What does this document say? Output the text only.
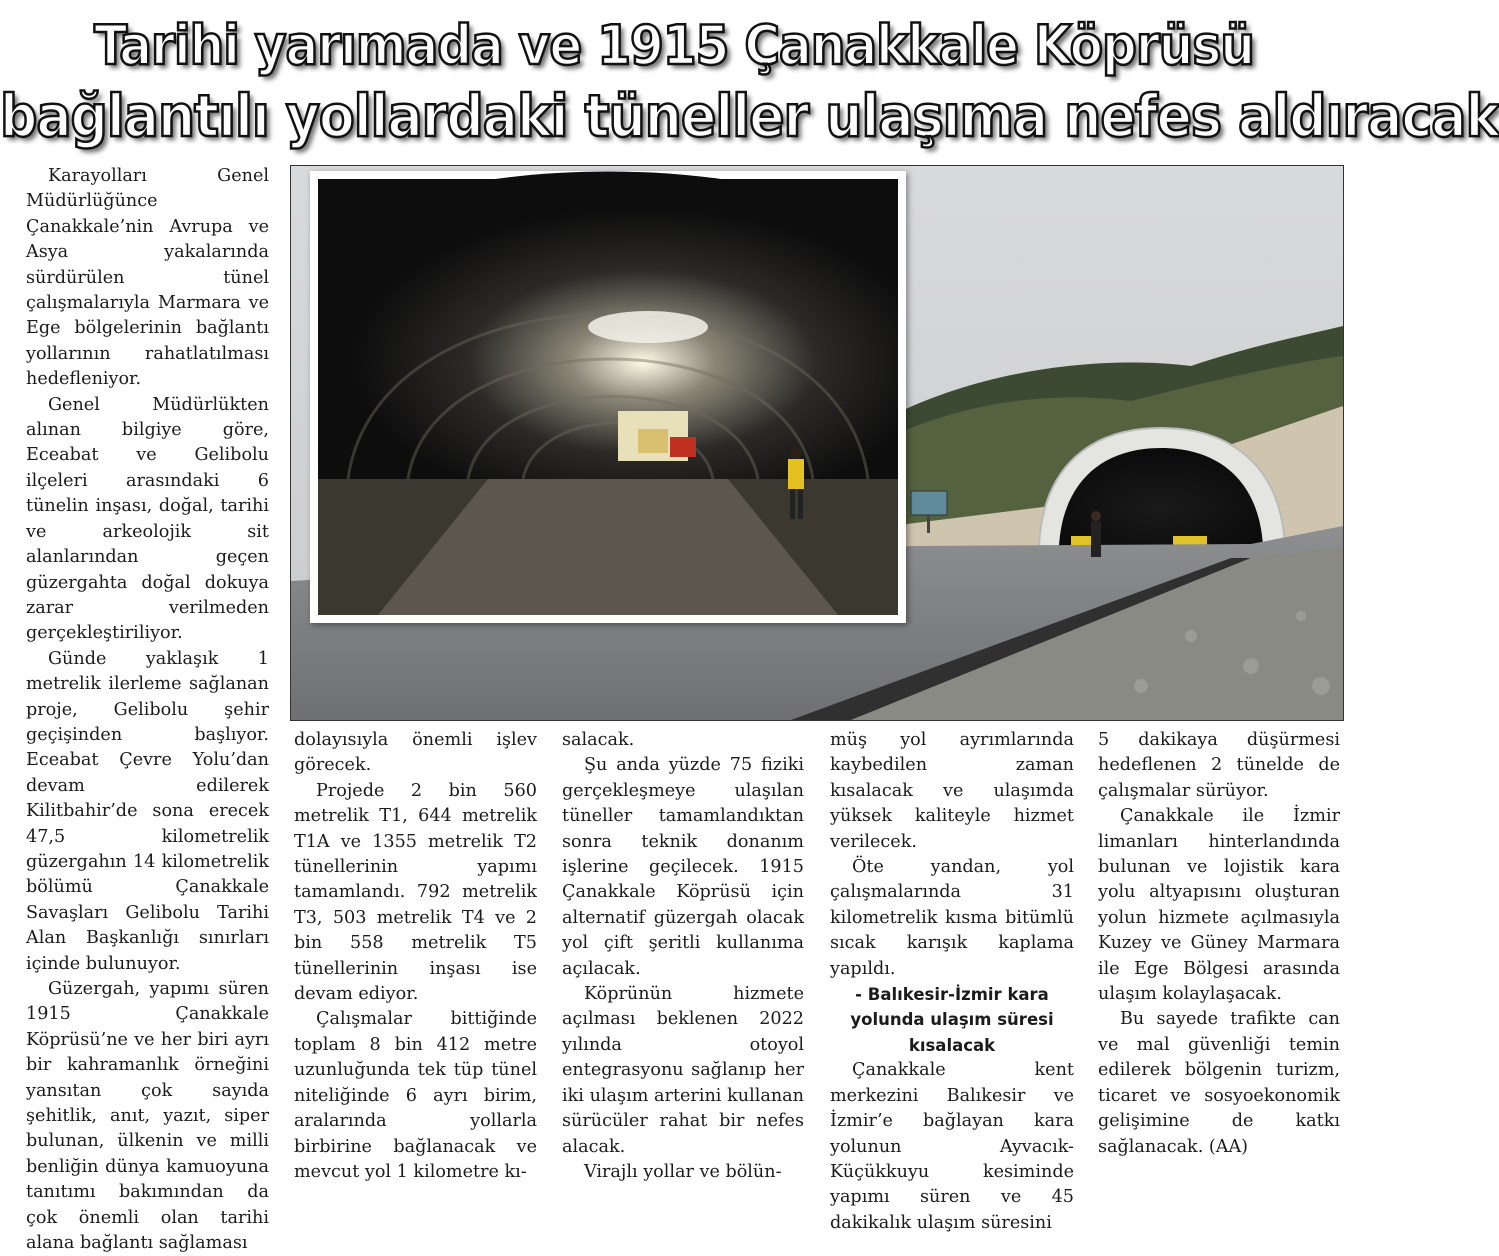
Tarihi yarımada ve 1915 Çanakkale Köprüsü
bağlantılı yollardaki tüneller ulaşıma nefes aldıracak

Karayolları Genel Müdürlüğünce Çanakkale’nin Avrupa ve Asya yakalarında sürdürülen tünel çalışmalarıyla Marmara ve Ege bölgelerinin bağlantı yollarının rahatlatılması hedefleniyor.

Genel Müdürlükten alınan bilgiye göre, Eceabat ve Gelibolu ilçeleri arasındaki 6 tünelin inşası, doğal, tarihi ve arkeolojik sit alanlarından geçen güzergahta doğal dokuya zarar verilmeden gerçekleştiriliyor.

Günde yaklaşık 1 metrelik ilerleme sağlanan proje, Gelibolu şehir geçişinden başlıyor. Eceabat Çevre Yolu’dan devam edilerek Kilitbahir’de sona erecek 47,5 kilometrelik güzergahın 14 kilometrelik bölümü Çanakkale Savaşları Gelibolu Tarihi Alan Başkanlığı sınırları içinde bulunuyor.

Güzergah, yapımı süren 1915 Çanakkale Köprüsü’ne ve her biri ayrı bir kahramanlık örneğini yansıtan çok sayıda şehitlik, anıt, yazıt, siper bulunan, ülkenin ve milli benliğin dünya kamuoyuna tanıtımı bakımından da çok önemli olan tarihi alana bağlantı sağlaması

dolayısıyla önemli işlev görecek.

Projede 2 bin 560 metrelik T1, 644 metrelik T1A ve 1355 metrelik T2 tünellerinin yapımı tamamlandı. 792 metrelik T3, 503 metrelik T4 ve 2 bin 558 metrelik T5 tünellerinin inşası ise devam ediyor.

Çalışmalar bittiğinde toplam 8 bin 412 metre uzunluğunda tek tüp tünel niteliğinde 6 ayrı birim, aralarında yollarla birbirine bağlanacak ve mevcut yol 1 kilometre kı-

salacak.

Şu anda yüzde 75 fiziki gerçekleşmeye ulaşılan tüneller tamamlandıktan sonra teknik donanım işlerine geçilecek. 1915 Çanakkale Köprüsü için alternatif güzergah olacak yol çift şeritli kullanıma açılacak.

Köprünün hizmete açılması beklenen 2022 yılında otoyol entegrasyonu sağlanıp her iki ulaşım arterini kullanan sürücüler rahat bir nefes alacak.

Virajlı yollar ve bölün-

müş yol ayrımlarında kaybedilen zaman kısalacak ve ulaşımda yüksek kaliteyle hizmet verilecek.

Öte yandan, yol çalışmalarında 31 kilometrelik kısma bitümlü sıcak karışık kaplama yapıldı.

- Balıkesir-İzmir kara yolunda ulaşım süresi kısalacak

Çanakkale kent merkezini Balıkesir ve İzmir’e bağlayan kara yolunun Ayvacık-Küçükkuyu kesiminde yapımı süren ve 45 dakikalık ulaşım süresini

5 dakikaya düşürmesi hedeflenen 2 tünelde de çalışmalar sürüyor.

Çanakkale ile İzmir limanları hinterlandında bulunan ve lojistik kara yolu altyapısını oluşturan yolun hizmete açılmasıyla Kuzey ve Güney Marmara ile Ege Bölgesi arasında ulaşım kolaylaşacak.

Bu sayede trafikte can ve mal güvenliği temin edilerek bölgenin turizm, ticaret ve sosyoekonomik gelişimine de katkı sağlanacak. (AA)
